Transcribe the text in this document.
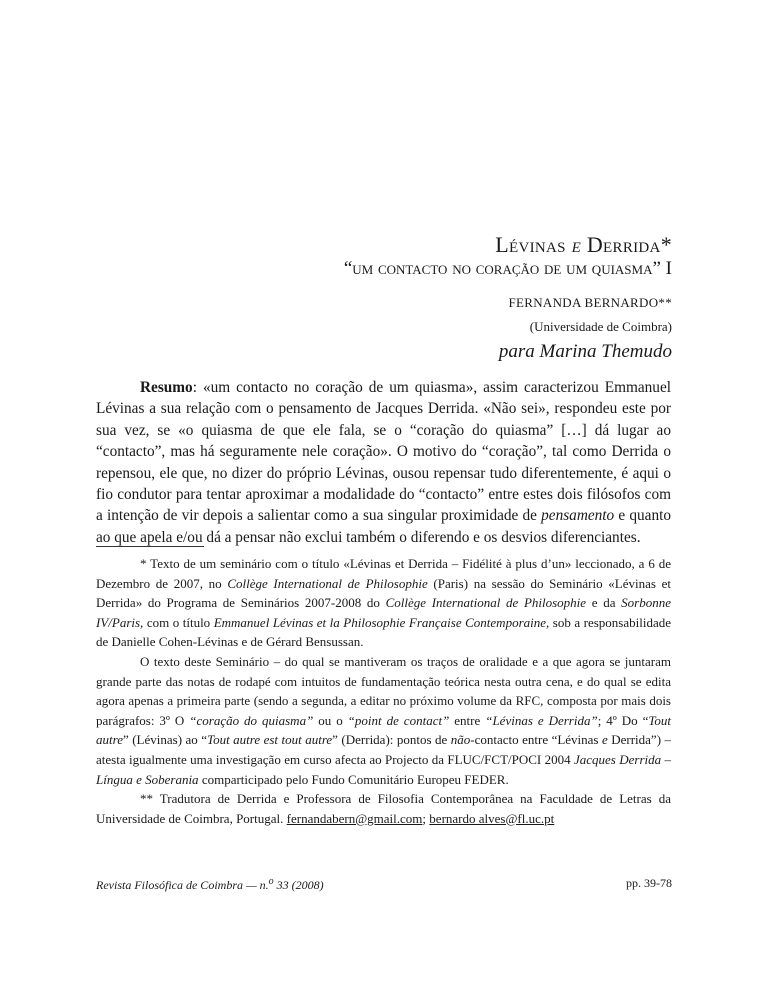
Lévinas e Derrida*
“um contacto no coração de um quiasma” I
FERNANDA BERNARDO**
(Universidade de Coimbra)
para Marina Themudo

Resumo: «um contacto no coração de um quiasma», assim caracterizou Emmanuel Lévinas a sua relação com o pensamento de Jacques Derrida. «Não sei», respondeu este por sua vez, se «o quiasma de que ele fala, se o “coração do quiasma” […] dá lugar ao “contacto”, mas há seguramente nele coração». O motivo do “coração”, tal como Derrida o repensou, ele que, no dizer do próprio Lévinas, ousou repensar tudo diferentemente, é aqui o fio condutor para tentar aproximar a modalidade do “contacto” entre estes dois filósofos com a intenção de vir depois a salientar como a sua singular proximidade de pensamento e quanto ao que apela e/ou dá a pensar não exclui também o diferendo e os desvios diferenciantes.

* Texto de um seminário com o título «Lévinas et Derrida – Fidélité à plus d’un» leccionado, a 6 de Dezembro de 2007, no Collège International de Philosophie (Paris) na sessão do Seminário «Lévinas et Derrida» do Programa de Seminários 2007-2008 do Collège International de Philosophie e da Sorbonne IV/Paris, com o título Emmanuel Lévinas et la Philosophie Française Contemporaine, sob a responsabilidade de Danielle Cohen-Lévinas e de Gérard Bensussan.

O texto deste Seminário – do qual se mantiveram os traços de oralidade e a que agora se juntaram grande parte das notas de rodapé com intuitos de fundamentação teórica nesta outra cena, e do qual se edita agora apenas a primeira parte (sendo a segunda, a editar no próximo volume da RFC, composta por mais dois parágrafos: 3º O “coração do quiasma” ou o “point de contact” entre “Lévinas e Derrida”; 4º Do “Tout autre” (Lévinas) ao “Tout autre est tout autre” (Derrida): pontos de não-contacto entre “Lévinas e Derrida”) – atesta igualmente uma investigação em curso afecta ao Projecto da FLUC/FCT/POCI 2004 Jacques Derrida – Língua e Soberania comparticipado pelo Fundo Comunitário Europeu FEDER.

** Tradutora de Derrida e Professora de Filosofia Contemporânea na Faculdade de Letras da Universidade de Coimbra, Portugal. fernandabern@gmail.com; bernardo alves@fl.uc.pt

Revista Filosófica de Coimbra — n.$^o$ 33 (2008)	pp. 39-78
